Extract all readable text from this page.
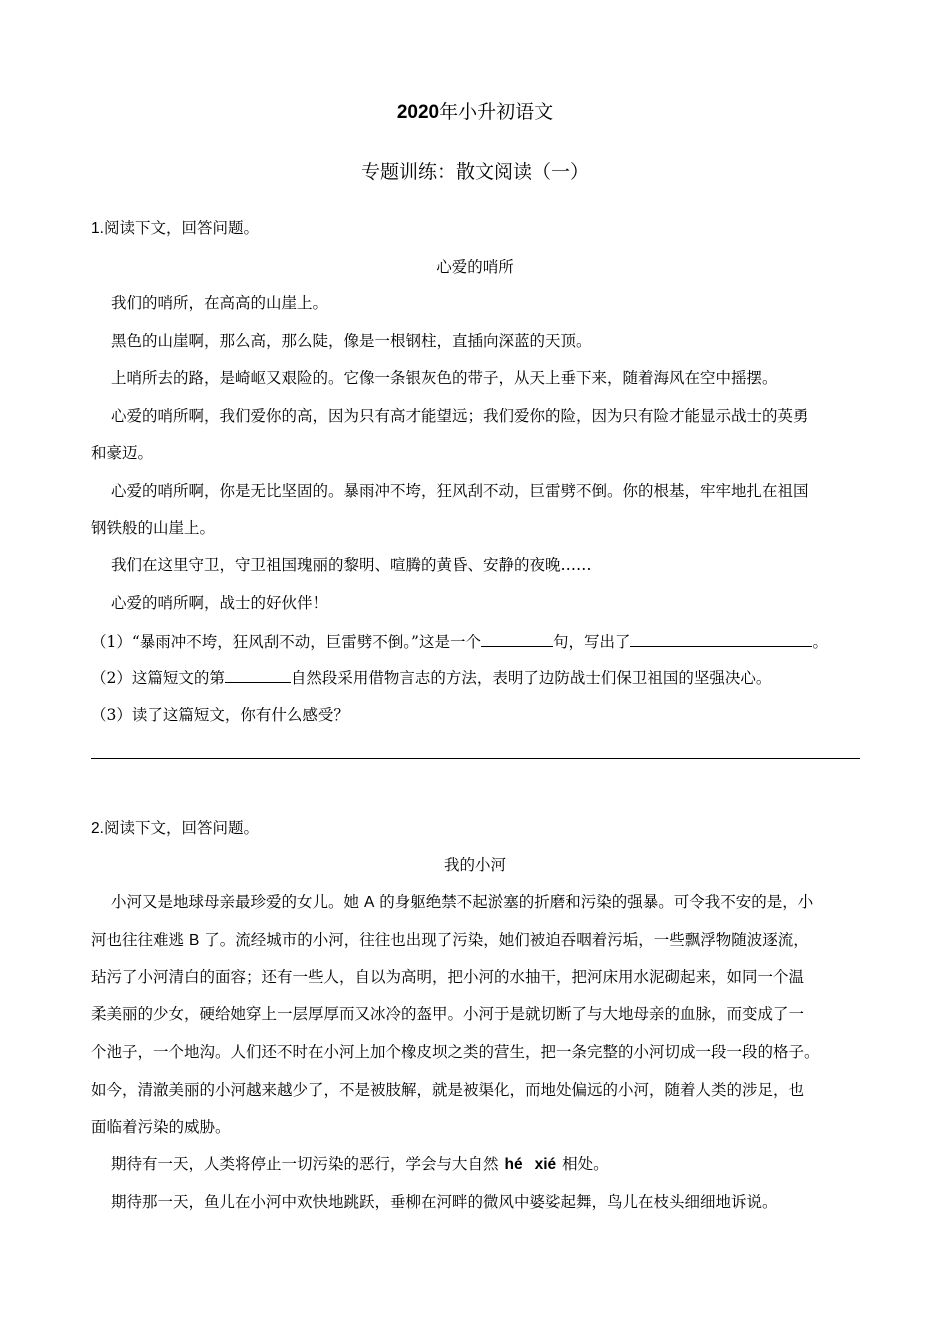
2020年小升初语文
专题训练：散文阅读（一）
1.阅读下文，回答问题。
心爱的哨所
我们的哨所，在高高的山崖上。
黑色的山崖啊，那么高，那么陡，像是一根钢柱，直插向深蓝的天顶。
上哨所去的路，是崎岖又艰险的。它像一条银灰色的带子，从天上垂下来，随着海风在空中摇摆。
心爱的哨所啊，我们爱你的高，因为只有高才能望远；我们爱你的险，因为只有险才能显示战士的英勇
和豪迈。
心爱的哨所啊，你是无比坚固的。暴雨冲不垮，狂风刮不动，巨雷劈不倒。你的根基，牢牢地扎在祖国
钢铁般的山崖上。
我们在这里守卫，守卫祖国瑰丽的黎明、喧腾的黄昏、安静的夜晚……
心爱的哨所啊，战士的好伙伴！
（1）“暴雨冲不垮，狂风刮不动，巨雷劈不倒。”这是一个	句，写出了	。
（2）这篇短文的第	自然段采用借物言志的方法，表明了边防战士们保卫祖国的坚强决心。
（3）读了这篇短文，你有什么感受？
2.阅读下文，回答问题。
我的小河
小河又是地球母亲最珍爱的女儿。她 A 的身躯绝禁不起淤塞的折磨和污染的强暴。可令我不安的是，小
河也往往难逃 B 了。流经城市的小河，往往也出现了污染，她们被迫吞咽着污垢，一些飘浮物随波逐流，
玷污了小河清白的面容；还有一些人，自以为高明，把小河的水抽干，把河床用水泥砌起来，如同一个温
柔美丽的少女，硬给她穿上一层厚厚而又冰冷的盔甲。小河于是就切断了与大地母亲的血脉，而变成了一
个池子，一个地沟。人们还不时在小河上加个橡皮坝之类的营生，把一条完整的小河切成一段一段的格子。
如今，清澈美丽的小河越来越少了，不是被肢解，就是被渠化，而地处偏远的小河，随着人类的涉足，也
面临着污染的威胁。
期待有一天，人类将停止一切污染的恶行，学会与大自然 hé xié 相处。
期待那一天，鱼儿在小河中欢快地跳跃，垂柳在河畔的微风中婆娑起舞，鸟儿在枝头细细地诉说。
